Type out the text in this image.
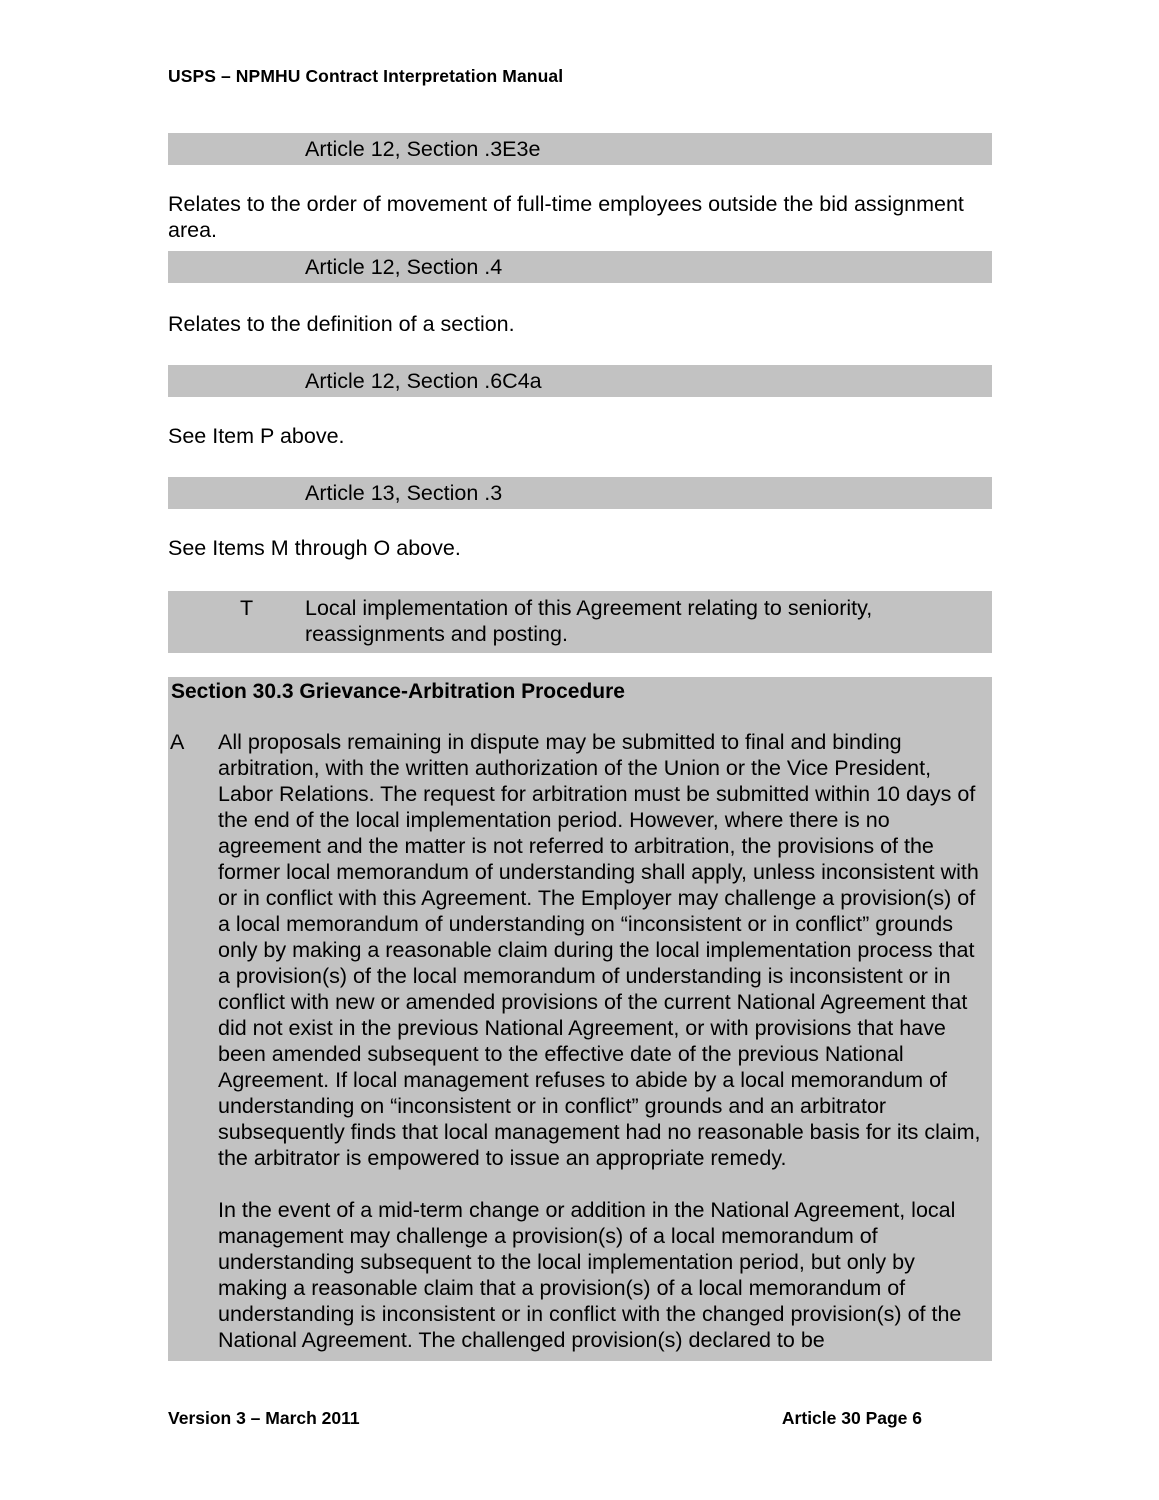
USPS – NPMHU Contract Interpretation Manual
Article 12, Section .3E3e
Relates to the order of movement of full-time employees outside the bid assignment area.
Article 12, Section .4
Relates to the definition of a section.
Article 12, Section .6C4a
See Item P above.
Article 13, Section .3
See Items M through O above.
T Local implementation of this Agreement relating to seniority, reassignments and posting.
Section 30.3 Grievance-Arbitration Procedure
A All proposals remaining in dispute may be submitted to final and binding arbitration, with the written authorization of the Union or the Vice President, Labor Relations. The request for arbitration must be submitted within 10 days of the end of the local implementation period. However, where there is no agreement and the matter is not referred to arbitration, the provisions of the former local memorandum of understanding shall apply, unless inconsistent with or in conflict with this Agreement. The Employer may challenge a provision(s) of a local memorandum of understanding on “inconsistent or in conflict” grounds only by making a reasonable claim during the local implementation process that a provision(s) of the local memorandum of understanding is inconsistent or in conflict with new or amended provisions of the current National Agreement that did not exist in the previous National Agreement, or with provisions that have been amended subsequent to the effective date of the previous National Agreement. If local management refuses to abide by a local memorandum of understanding on “inconsistent or in conflict” grounds and an arbitrator subsequently finds that local management had no reasonable basis for its claim, the arbitrator is empowered to issue an appropriate remedy.

In the event of a mid-term change or addition in the National Agreement, local management may challenge a provision(s) of a local memorandum of understanding subsequent to the local implementation period, but only by making a reasonable claim that a provision(s) of a local memorandum of understanding is inconsistent or in conflict with the changed provision(s) of the National Agreement. The challenged provision(s) declared to be

Version 3 – March 2011	Article 30 Page 6
